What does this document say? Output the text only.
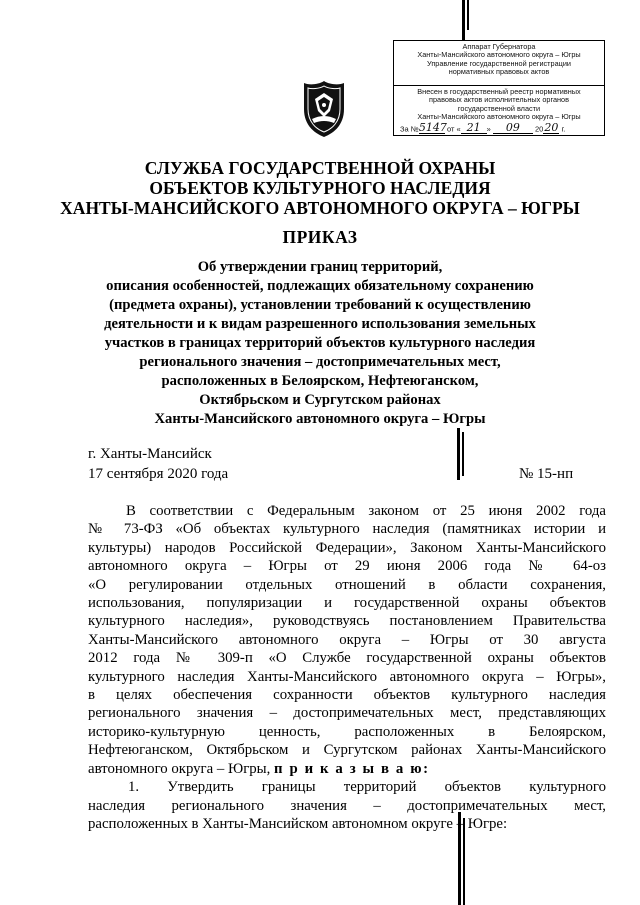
Аппарат Губернатора
Ханты-Мансийского автономного округа – Югры
Управление государственной регистрации
нормативных правовых актов
Внесен в государственный реестр нормативных
правовых актов исполнительных органов
государственной власти
Ханты-Мансийского автономного округа – Югры
За №5147 от « 21 » 09 2020 г.
СЛУЖБА ГОСУДАРСТВЕННОЙ ОХРАНЫ
ОБЪЕКТОВ КУЛЬТУРНОГО НАСЛЕДИЯ
ХАНТЫ-МАНСИЙСКОГО АВТОНОМНОГО ОКРУГА – ЮГРЫ
ПРИКАЗ
Об утверждении границ территорий,
описания особенностей, подлежащих обязательному сохранению
(предмета охраны), установлении требований к осуществлению
деятельности и к видам разрешенного использования земельных
участков в границах территорий объектов культурного наследия
регионального значения – достопримечательных мест,
расположенных в Белоярском, Нефтеюганском,
Октябрьском и Сургутском районах
Ханты-Мансийского автономного округа – Югры
г. Ханты-Мансийск
17 сентября 2020 года	№ 15-нп
В соответствии с Федеральным законом от 25 июня 2002 года
№ 73-ФЗ «Об объектах культурного наследия (памятниках истории и
культуры) народов Российской Федерации», Законом Ханты-Мансийского
автономного округа – Югры от 29 июня 2006 года № 64-оз
«О регулировании отдельных отношений в области сохранения,
использования, популяризации и государственной охраны объектов
культурного наследия», руководствуясь постановлением Правительства
Ханты-Мансийского автономного округа – Югры от 30 августа
2012 года № 309-п «О Службе государственной охраны объектов
культурного наследия Ханты-Мансийского автономного округа – Югры»,
в целях обеспечения сохранности объектов культурного наследия
регионального значения – достопримечательных мест, представляющих
историко-культурную ценность, расположенных в Белоярском,
Нефтеюганском, Октябрьском и Сургутском районах Ханты-Мансийского
автономного округа – Югры, п р и к а з ы в а ю:
1. Утвердить границы территорий объектов культурного
наследия регионального значения – достопримечательных мест,
расположенных в Ханты-Мансийском автономном округе – Югре:
